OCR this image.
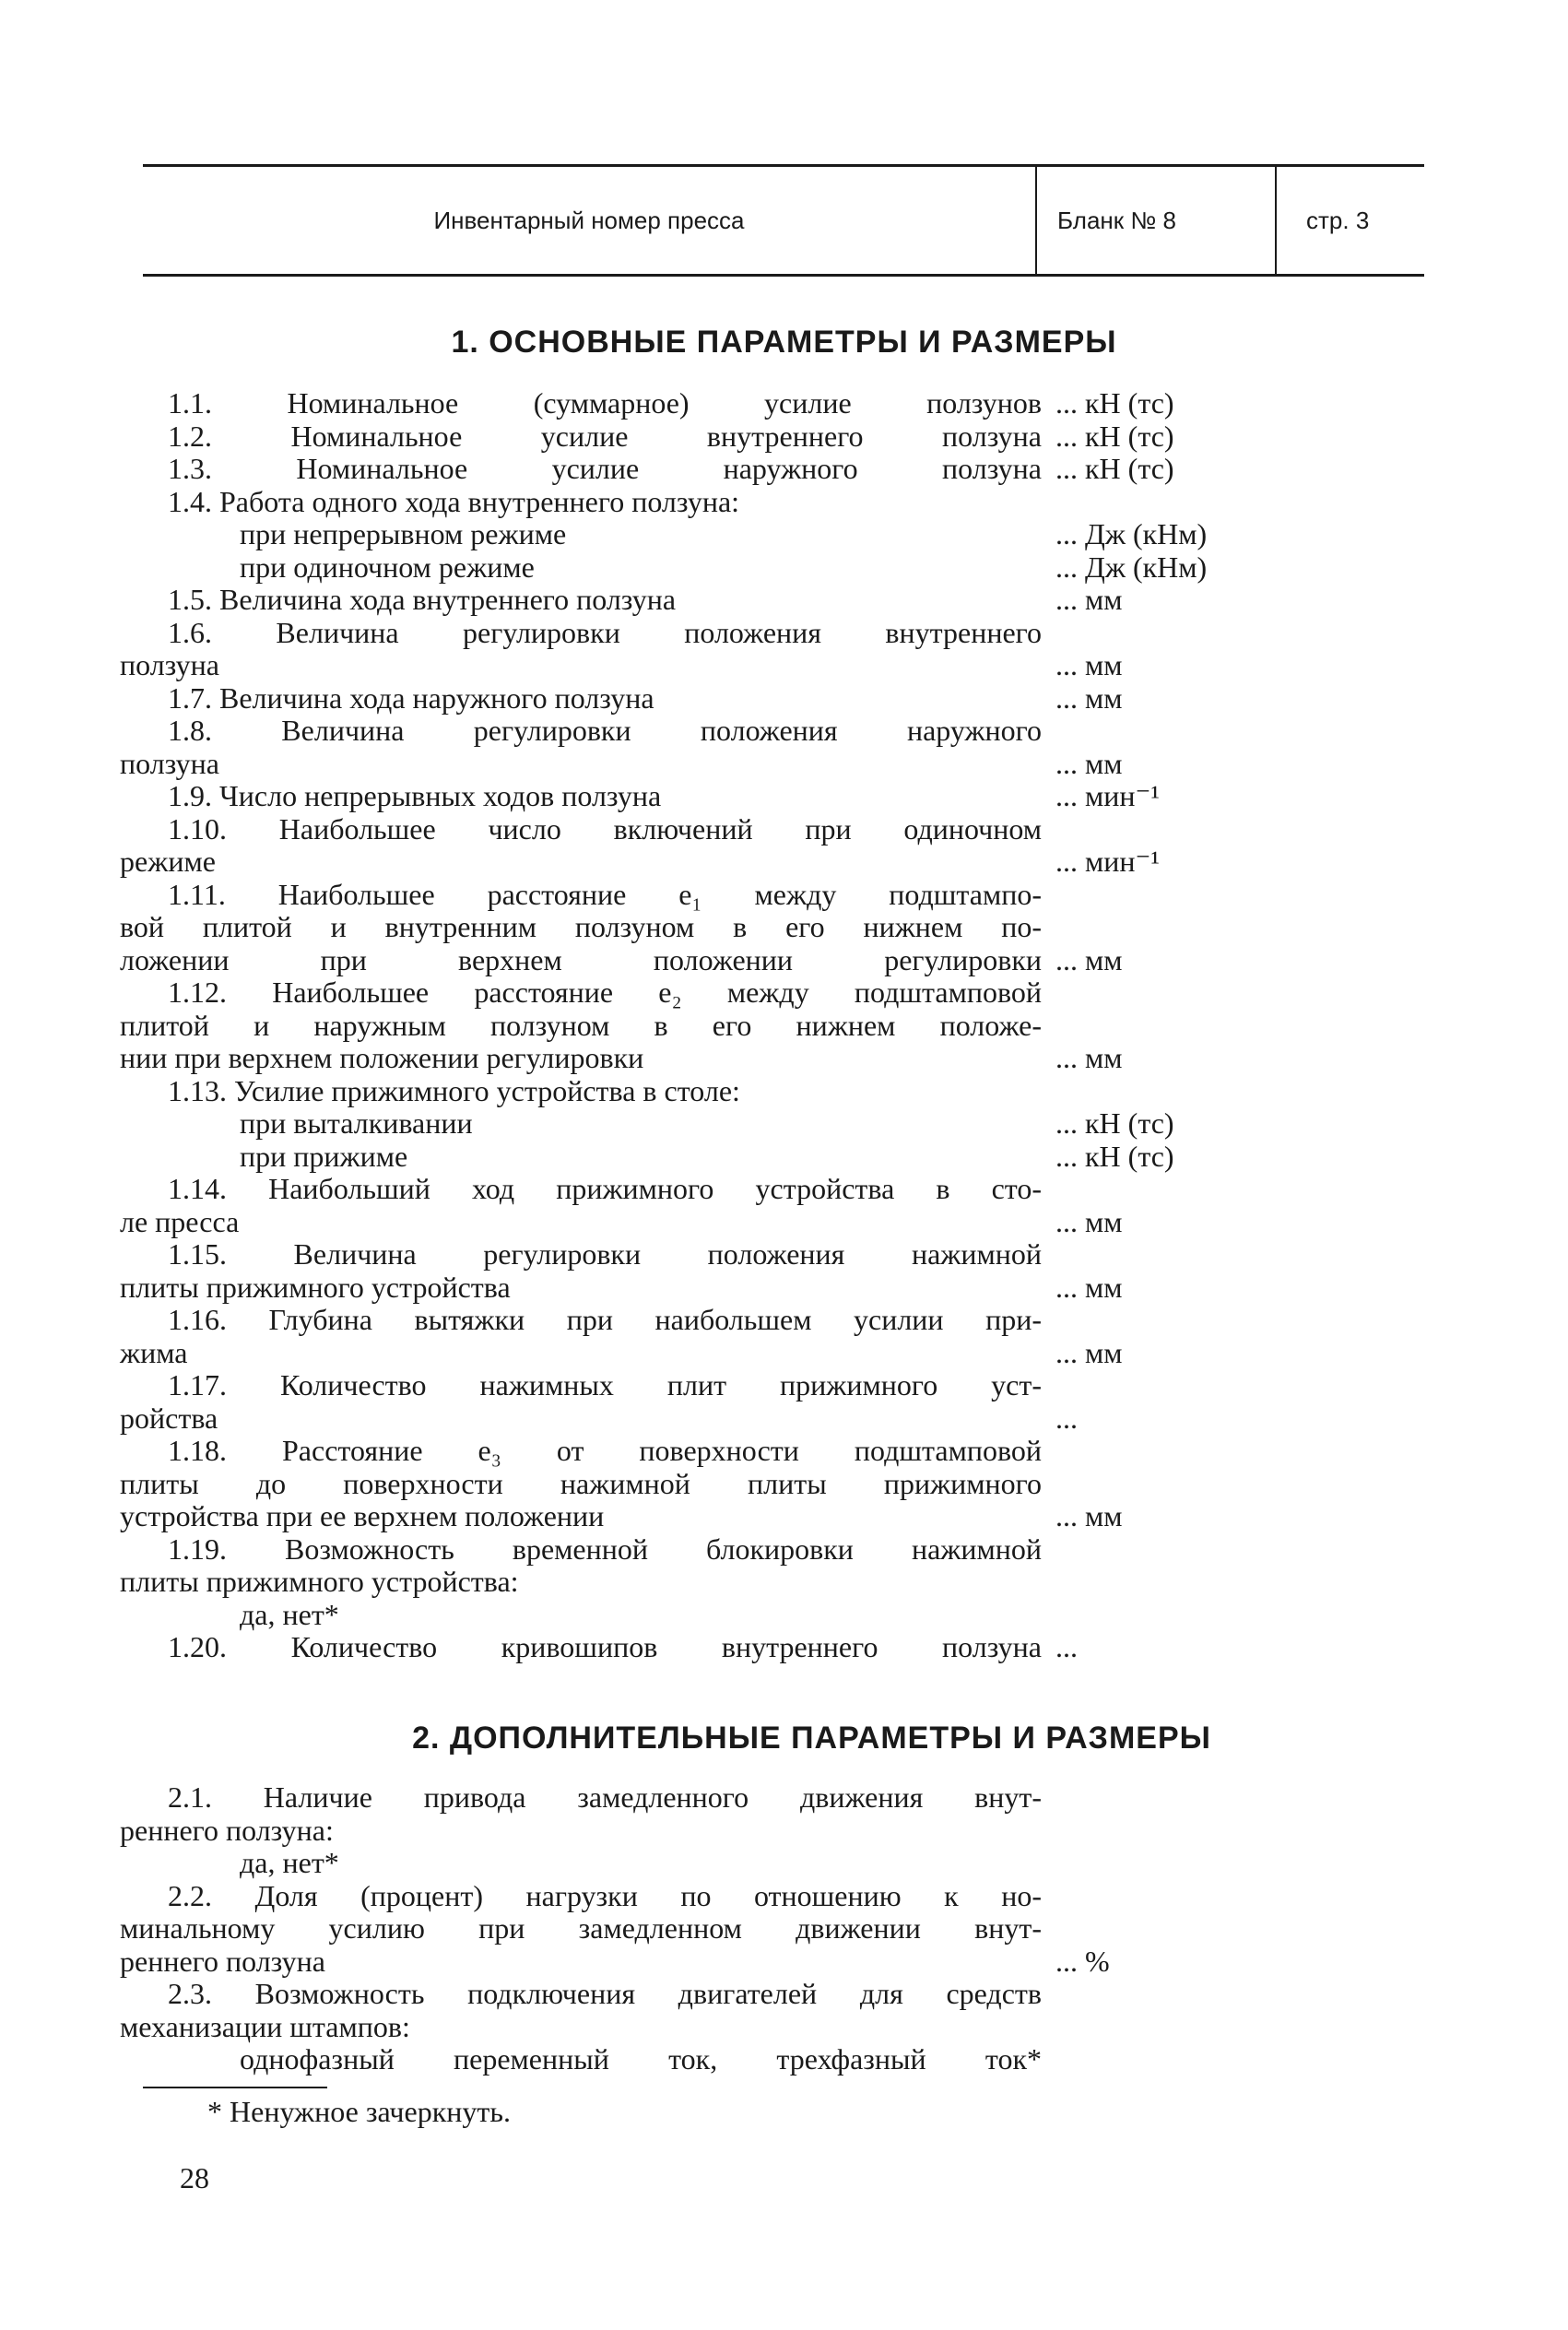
Инвентарный номер пресса	Бланк № 8	стр. 3
1. ОСНОВНЫЕ ПАРАМЕТРЫ И РАЗМЕРЫ
1.1. Номинальное (суммарное) усилие ползунов ... кН (тс)
1.2. Номинальное усилие внутреннего ползуна ... кН (тс)
1.3. Номинальное усилие наружного ползуна ... кН (тс)
1.4. Работа одного хода внутреннего ползуна:
при непрерывном режиме	... Дж (кНм)
при одиночном режиме	... Дж (кНм)
1.5. Величина хода внутреннего ползуна	... мм
1.6. Величина регулировки положения внутреннего
ползуна	... мм
1.7. Величина хода наружного ползуна	... мм
1.8. Величина регулировки положения наружного
ползуна	... мм
1.9. Число непрерывных ходов ползуна	... мин⁻¹
1.10. Наибольшее число включений при одиночном
режиме	... мин⁻¹
1.11. Наибольшее расстояние e₁ между подштампо-
вой плитой и внутренним ползуном в его нижнем по-
ложении при верхнем положении регулировки ... мм
1.12. Наибольшее расстояние e₂ между подштамповой
плитой и наружным ползуном в его нижнем положе-
нии при верхнем положении регулировки	... мм
1.13. Усилие прижимного устройства в столе:
при выталкивании	... кН (тс)
при прижиме	... кН (тс)
1.14. Наибольший ход прижимного устройства в сто-
ле пресса	... мм
1.15. Величина регулировки положения нажимной
плиты прижимного устройства	... мм
1.16. Глубина вытяжки при наибольшем усилии при-
жима	... мм
1.17. Количество нажимных плит прижимного уст-
ройства	...
1.18. Расстояние e₃ от поверхности подштамповой
плиты до поверхности нажимной плиты прижимного
устройства при ее верхнем положении	... мм
1.19. Возможность временной блокировки нажимной
плиты прижимного устройства:
да, нет*
1.20. Количество кривошипов внутреннего ползуна ...
2. ДОПОЛНИТЕЛЬНЫЕ ПАРАМЕТРЫ И РАЗМЕРЫ
2.1. Наличие привода замедленного движения внут-
реннего ползуна:
да, нет*
2.2. Доля (процент) нагрузки по отношению к но-
минальному усилию при замедленном движении внут-
реннего ползуна	... %
2.3. Возможность подключения двигателей для средств
механизации штампов:
однофазный переменный ток, трехфазный ток*
* Ненужное зачеркнуть.
28
